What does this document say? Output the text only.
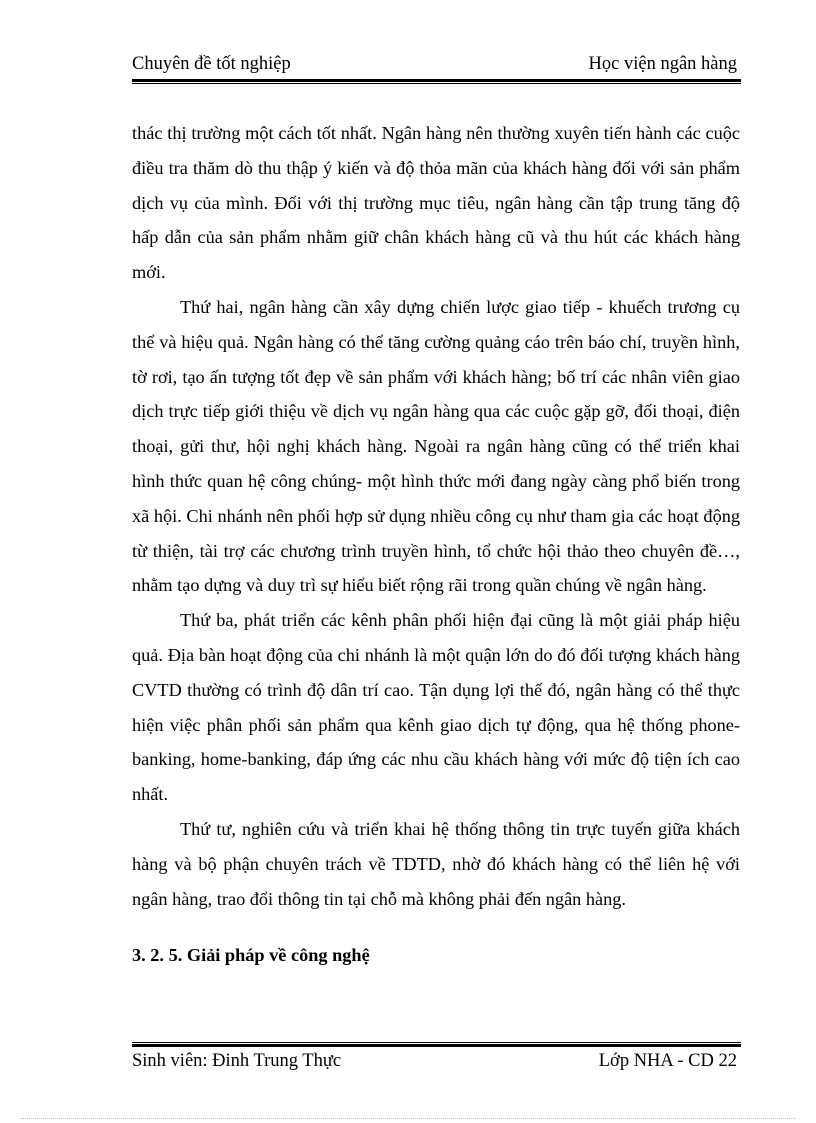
Chuyên đề tốt nghiệp	Học viện ngân hàng

thác thị trường một cách tốt nhất. Ngân hàng nên thường xuyên tiến hành các cuộc điều tra thăm dò thu thập ý kiến và độ thỏa mãn của khách hàng đối với sản phẩm dịch vụ của mình. Đối với thị trường mục tiêu, ngân hàng cần tập trung tăng độ hấp dẫn của sản phẩm nhằm giữ chân khách hàng cũ và thu hút các khách hàng mới.

Thứ hai, ngân hàng cần xây dựng chiến lược giao tiếp - khuếch trương cụ thể và hiệu quả. Ngân hàng có thể tăng cường quảng cáo trên báo chí, truyền hình, tờ rơi, tạo ấn tượng tốt đẹp về sản phẩm với khách hàng; bố trí các nhân viên giao dịch trực tiếp giới thiệu về dịch vụ ngân hàng qua các cuộc gặp gỡ, đối thoại, điện thoại, gửi thư, hội nghị khách hàng. Ngoài ra ngân hàng cũng có thể triển khai hình thức quan hệ công chúng- một hình thức mới đang ngày càng phổ biến trong xã hội. Chi nhánh nên phối hợp sử dụng nhiều công cụ như tham gia các hoạt động từ thiện, tài trợ các chương trình truyền hình, tổ chức hội thảo theo chuyên đề…, nhằm tạo dựng và duy trì sự hiểu biết rộng rãi trong quần chúng về ngân hàng.

Thứ ba, phát triển các kênh phân phối hiện đại cũng là một giải pháp hiệu quả. Địa bàn hoạt động của chi nhánh là một quận lớn do đó đối tượng khách hàng CVTD thường có trình độ dân trí cao. Tận dụng lợi thế đó, ngân hàng có thể thực hiện việc phân phối sản phẩm qua kênh giao dịch tự động, qua hệ thống phone-banking, home-banking, đáp ứng các nhu cầu khách hàng với mức độ tiện ích cao nhất.

Thứ tư, nghiên cứu và triển khai hệ thống thông tin trực tuyến giữa khách hàng và bộ phận chuyên trách về TDTD, nhờ đó khách hàng có thể liên hệ với ngân hàng, trao đổi thông tin tại chỗ mà không phải đến ngân hàng.

3. 2. 5. Giải pháp về công nghệ
Sinh viên: Đinh Trung Thực	Lớp NHA - CD 22
